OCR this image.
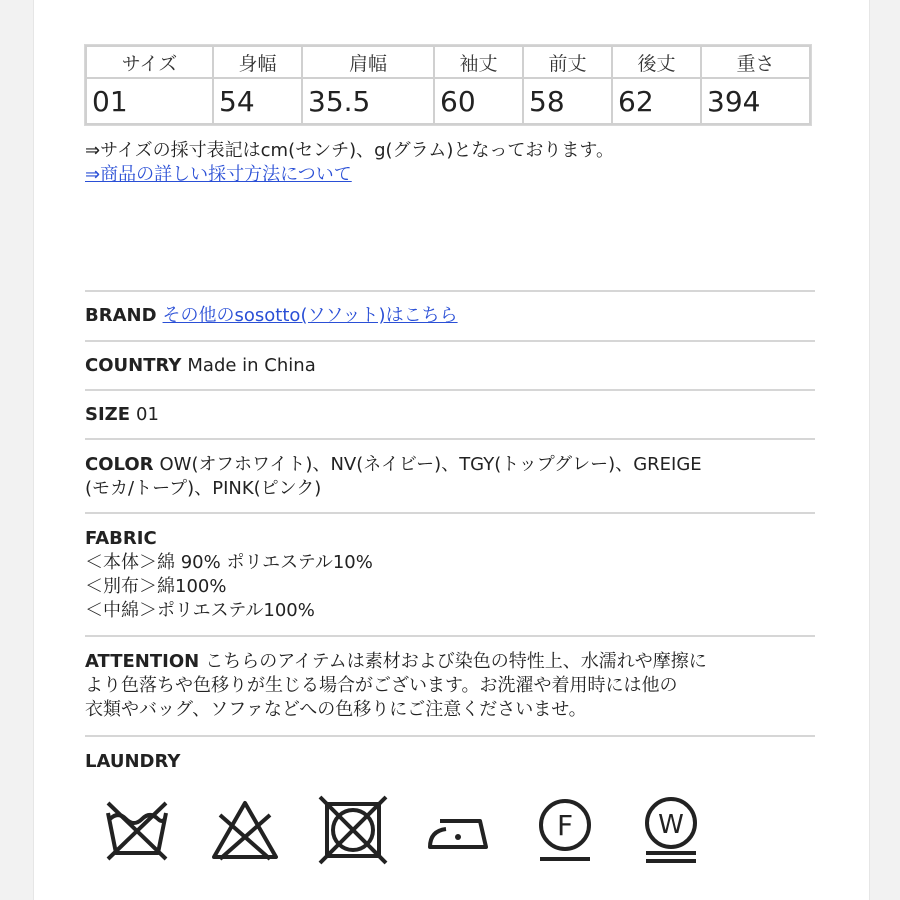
サイズ	身幅	肩幅	袖丈	前丈	後丈	重さ
01	54	35.5	60	58	62	394
⇒サイズの採寸表記はcm(センチ)、g(グラム)となっております。
⇒商品の詳しい採寸方法について
BRAND その他のsosotto(ソソット)はこちら
COUNTRY Made in China
SIZE 01
COLOR OW(オフホワイト)、NV(ネイビー)、TGY(トップグレー)、GREIGE
(モカ/トープ)、PINK(ピンク)
FABRIC
＜本体＞綿 90% ポリエステル10%
＜別布＞綿100%
＜中綿＞ポリエステル100%
ATTENTION こちらのアイテムは素材および染色の特性上、水濡れや摩擦に
より色落ちや色移りが生じる場合がございます。お洗濯や着用時には他の
衣類やバッグ、ソファなどへの色移りにご注意くださいませ。
LAUNDRY
F	W
